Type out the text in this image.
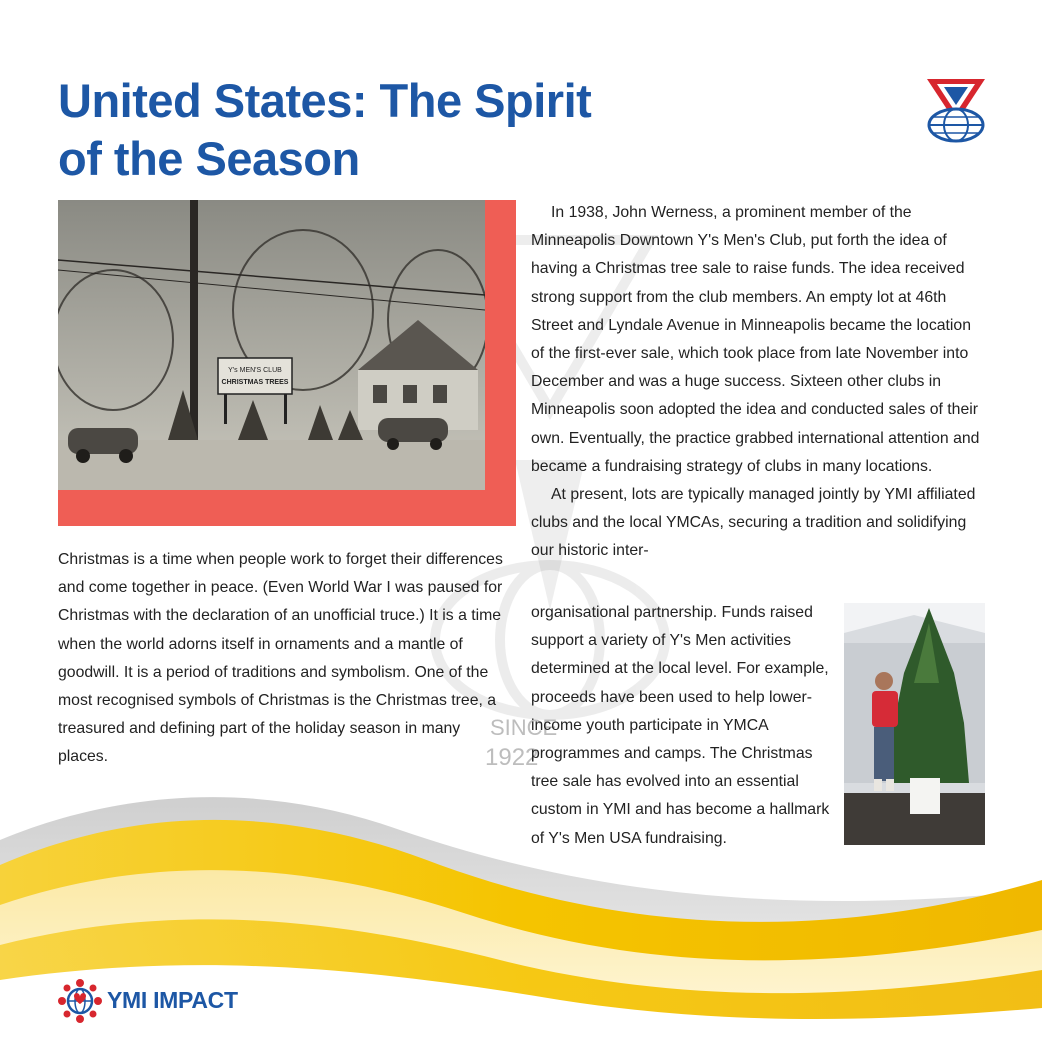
United States: The Spirit
of the Season
SINCE
1922
Y's MEN'S CLUB
CHRISTMAS TREES

Christmas is a time when people work to forget their differences and come together in peace. (Even World War I was paused for Christmas with the declaration of an unofficial truce.) It is a time when the world adorns itself in ornaments and a mantle of goodwill. It is a period of traditions and symbolism. One of the most recognised symbols of Christmas is the Christmas tree, a treasured and defining part of the holiday season in many places.

In 1938, John Werness, a prominent member of the Minneapolis Downtown Y's Men's Club, put forth the idea of having a Christmas tree sale to raise funds. The idea received strong support from the club members. An empty lot at 46th Street and Lyndale Avenue in Minneapolis became the location of the first-ever sale, which took place from late November into December and was a huge success. Sixteen other clubs in Minneapolis soon adopted the idea and conducted sales of their own. Eventually, the practice grabbed international attention and became a fundraising strategy of clubs in many locations.

At present, lots are typically managed jointly by YMI affiliated clubs and the local YMCAs, securing a tradition and solidifying our historic inter-

organisational partnership. Funds raised support a variety of Y's Men activities determined at the local level. For example, proceeds have been used to help lower-income youth participate in YMCA programmes and camps. The Christmas tree sale has evolved into an essential custom in YMI and has become a hallmark of Y's Men USA fundraising.
YMI IMPACT
